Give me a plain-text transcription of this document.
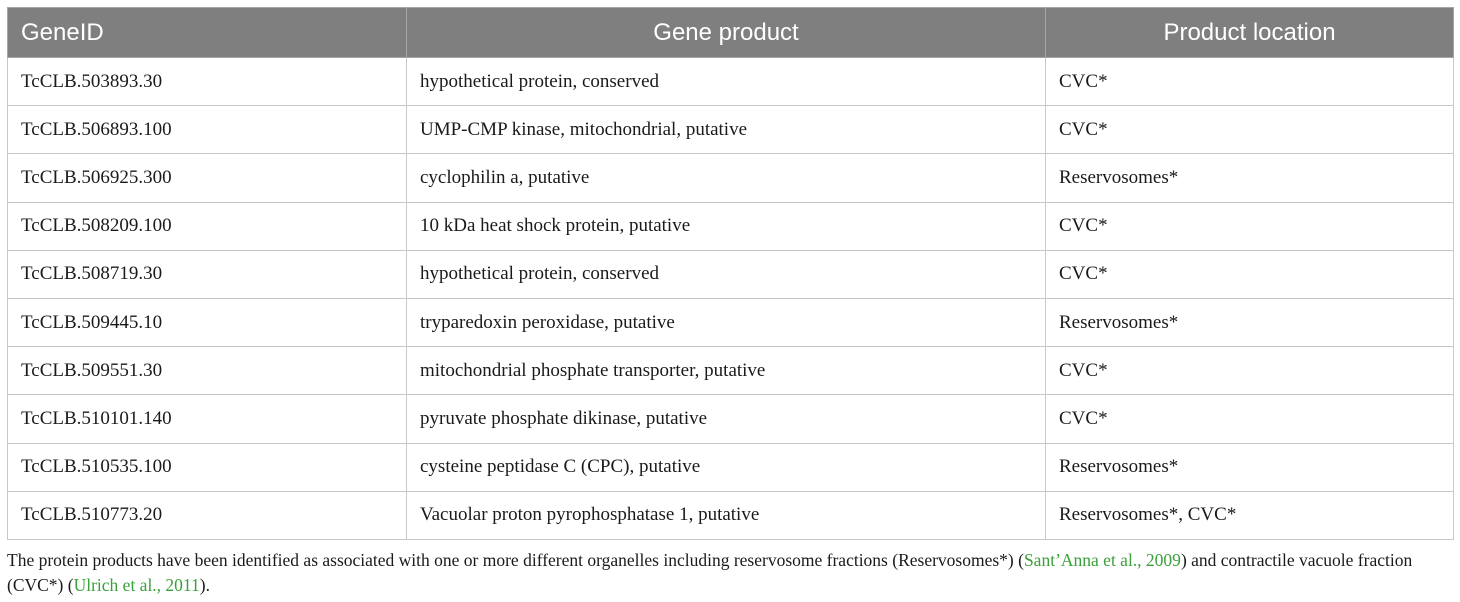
GeneID	Gene product	Product location
TcCLB.503893.30	hypothetical protein, conserved	CVC*
TcCLB.506893.100	UMP-CMP kinase, mitochondrial, putative	CVC*
TcCLB.506925.300	cyclophilin a, putative	Reservosomes*
TcCLB.508209.100	10 kDa heat shock protein, putative	CVC*
TcCLB.508719.30	hypothetical protein, conserved	CVC*
TcCLB.509445.10	tryparedoxin peroxidase, putative	Reservosomes*
TcCLB.509551.30	mitochondrial phosphate transporter, putative	CVC*
TcCLB.510101.140	pyruvate phosphate dikinase, putative	CVC*
TcCLB.510535.100	cysteine peptidase C (CPC), putative	Reservosomes*
TcCLB.510773.20	Vacuolar proton pyrophosphatase 1, putative	Reservosomes*, CVC*
The protein products have been identified as associated with one or more different organelles including reservosome fractions (Reservosomes*) (Sant’Anna et al., 2009) and contractile vacuole fraction (CVC*) (Ulrich et al., 2011).
